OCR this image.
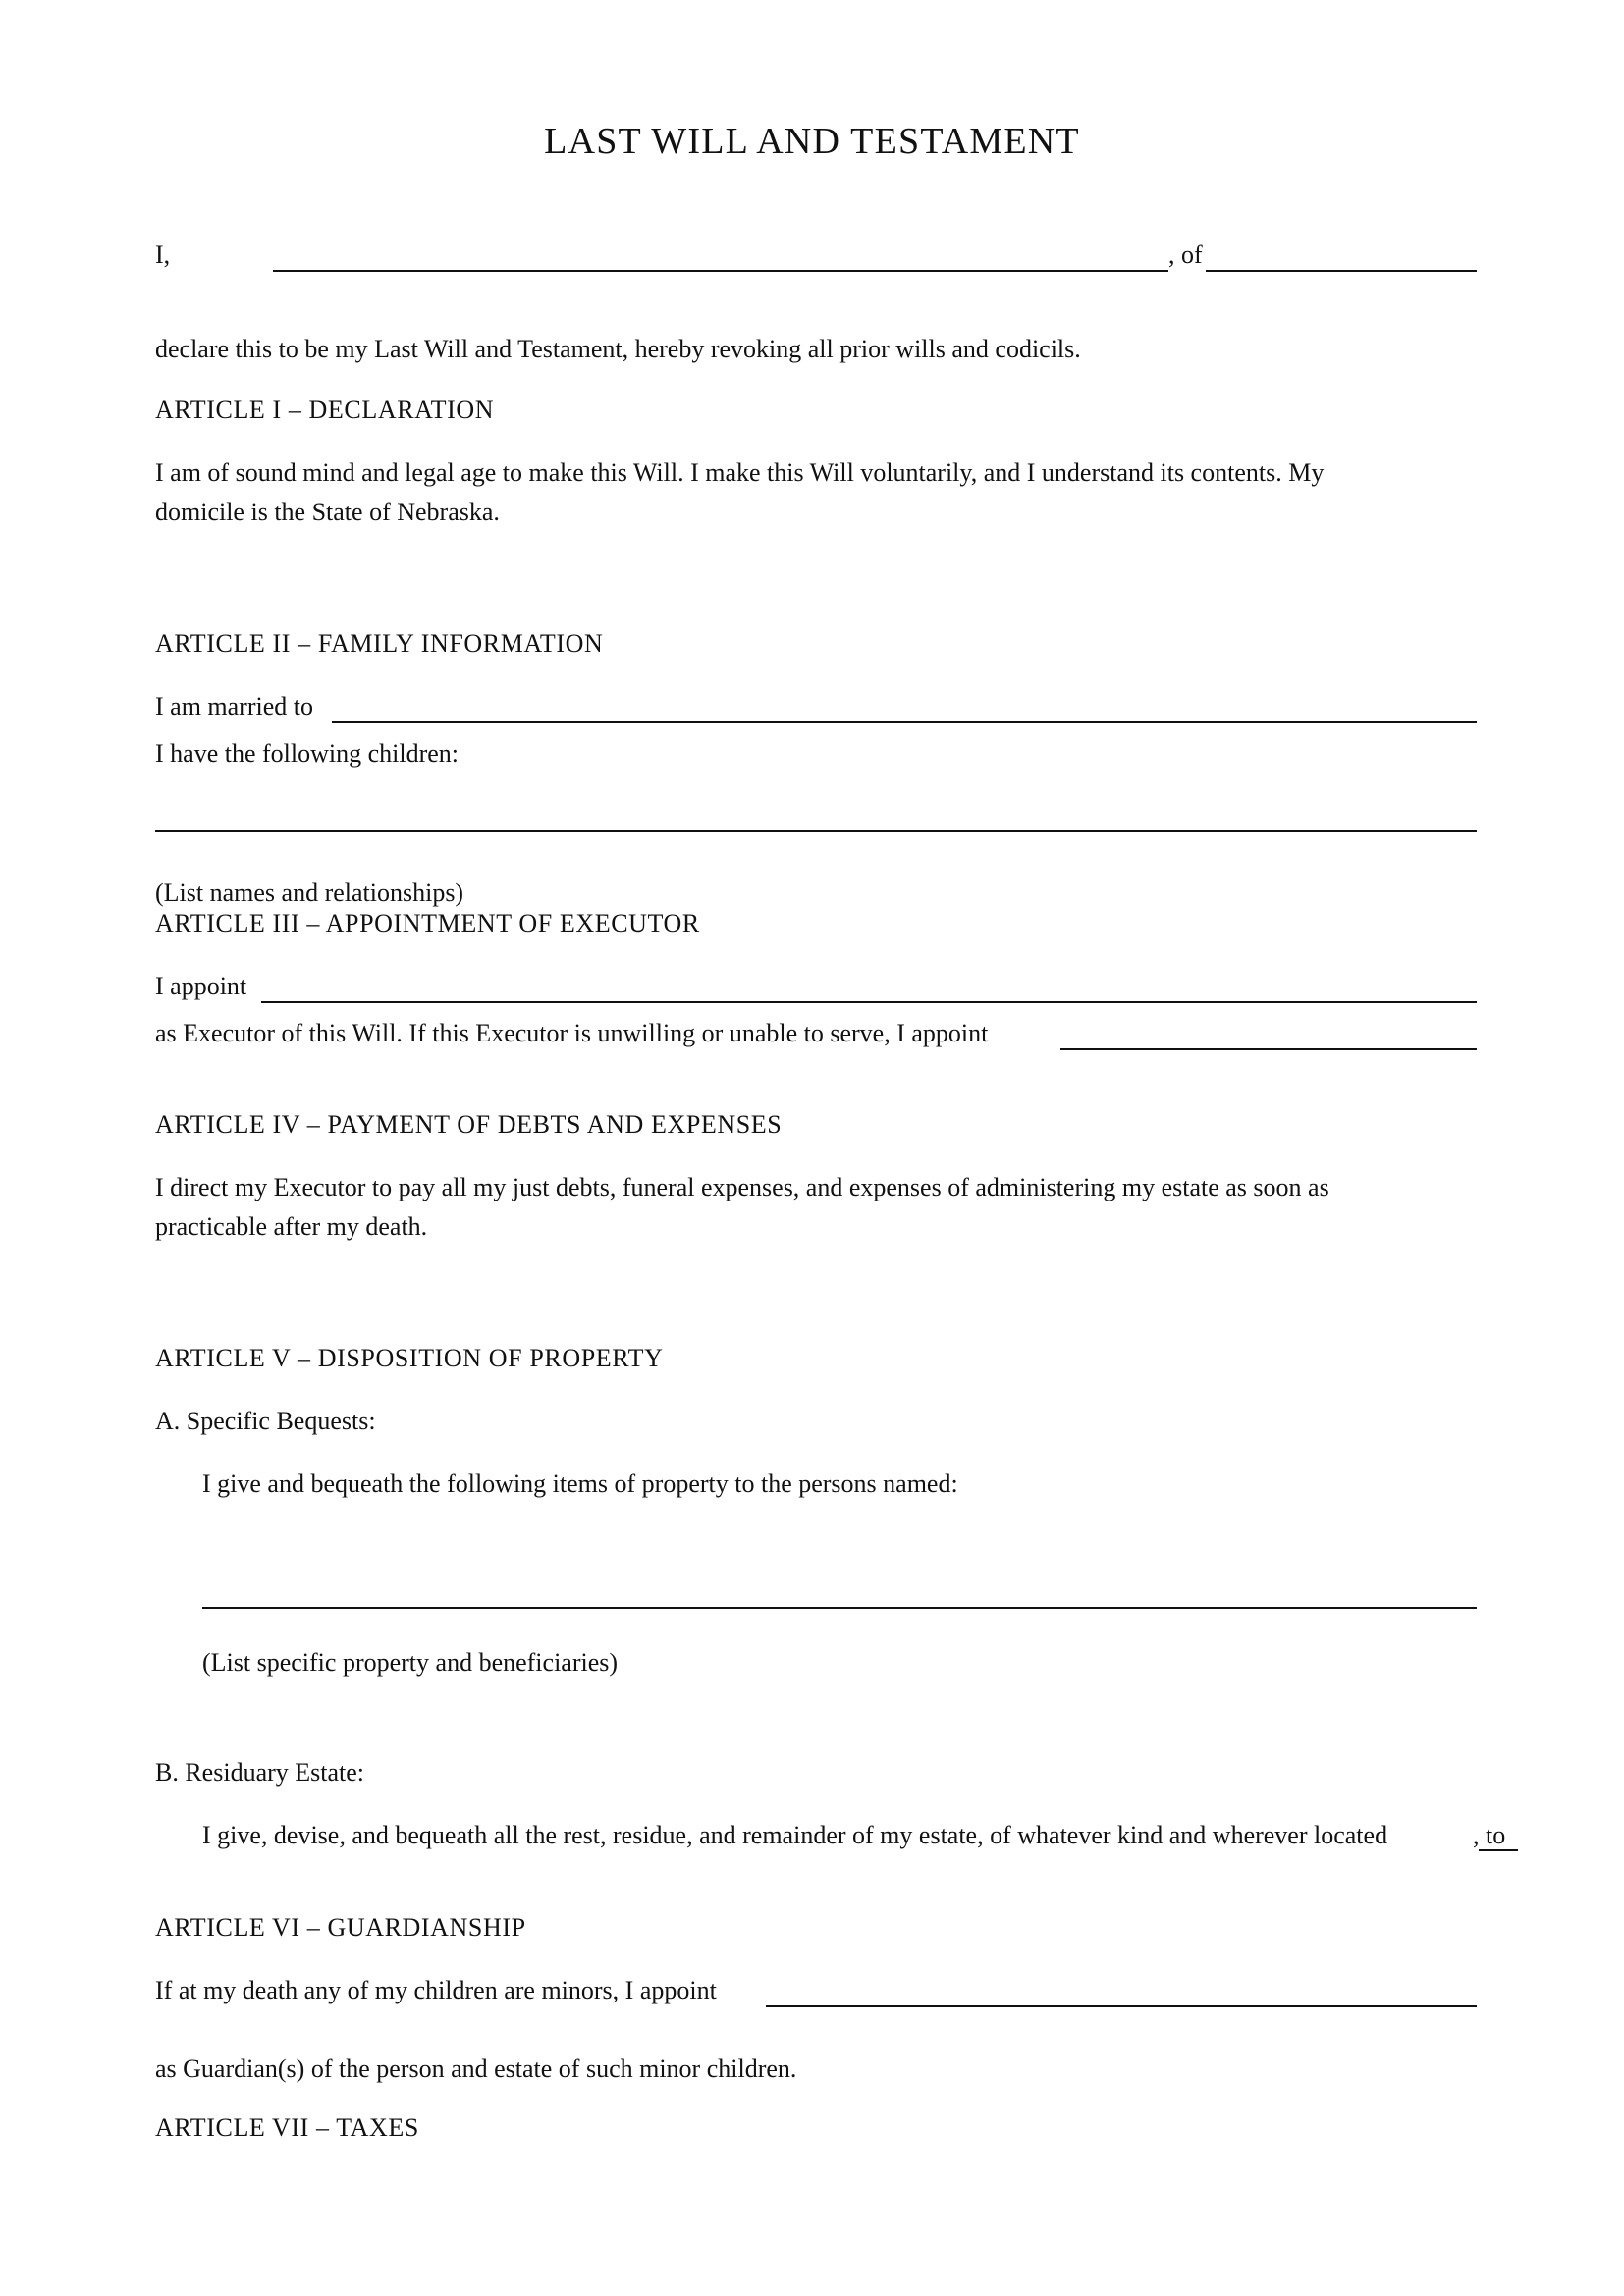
LAST WILL AND TESTAMENT

I,	, of

declare this to be my Last Will and Testament, hereby revoking all prior wills and codicils.

ARTICLE I – DECLARATION

I am of sound mind and legal age to make this Will. I make this Will voluntarily, and I understand its contents. My

domicile is the State of Nebraska.

ARTICLE II – FAMILY INFORMATION

I am married to

I have the following children:

(List names and relationships)

ARTICLE III – APPOINTMENT OF EXECUTOR

I appoint

as Executor of this Will. If this Executor is unwilling or unable to serve, I appoint

ARTICLE IV – PAYMENT OF DEBTS AND EXPENSES

I direct my Executor to pay all my just debts, funeral expenses, and expenses of administering my estate as soon as

practicable after my death.

ARTICLE V – DISPOSITION OF PROPERTY

A. Specific Bequests:

I give and bequeath the following items of property to the persons named:

(List specific property and beneficiaries)

B. Residuary Estate:

I give, devise, and bequeath all the rest, residue, and remainder of my estate, of whatever kind and wherever located	, to

ARTICLE VI – GUARDIANSHIP

If at my death any of my children are minors, I appoint

as Guardian(s) of the person and estate of such minor children.

ARTICLE VII – TAXES
